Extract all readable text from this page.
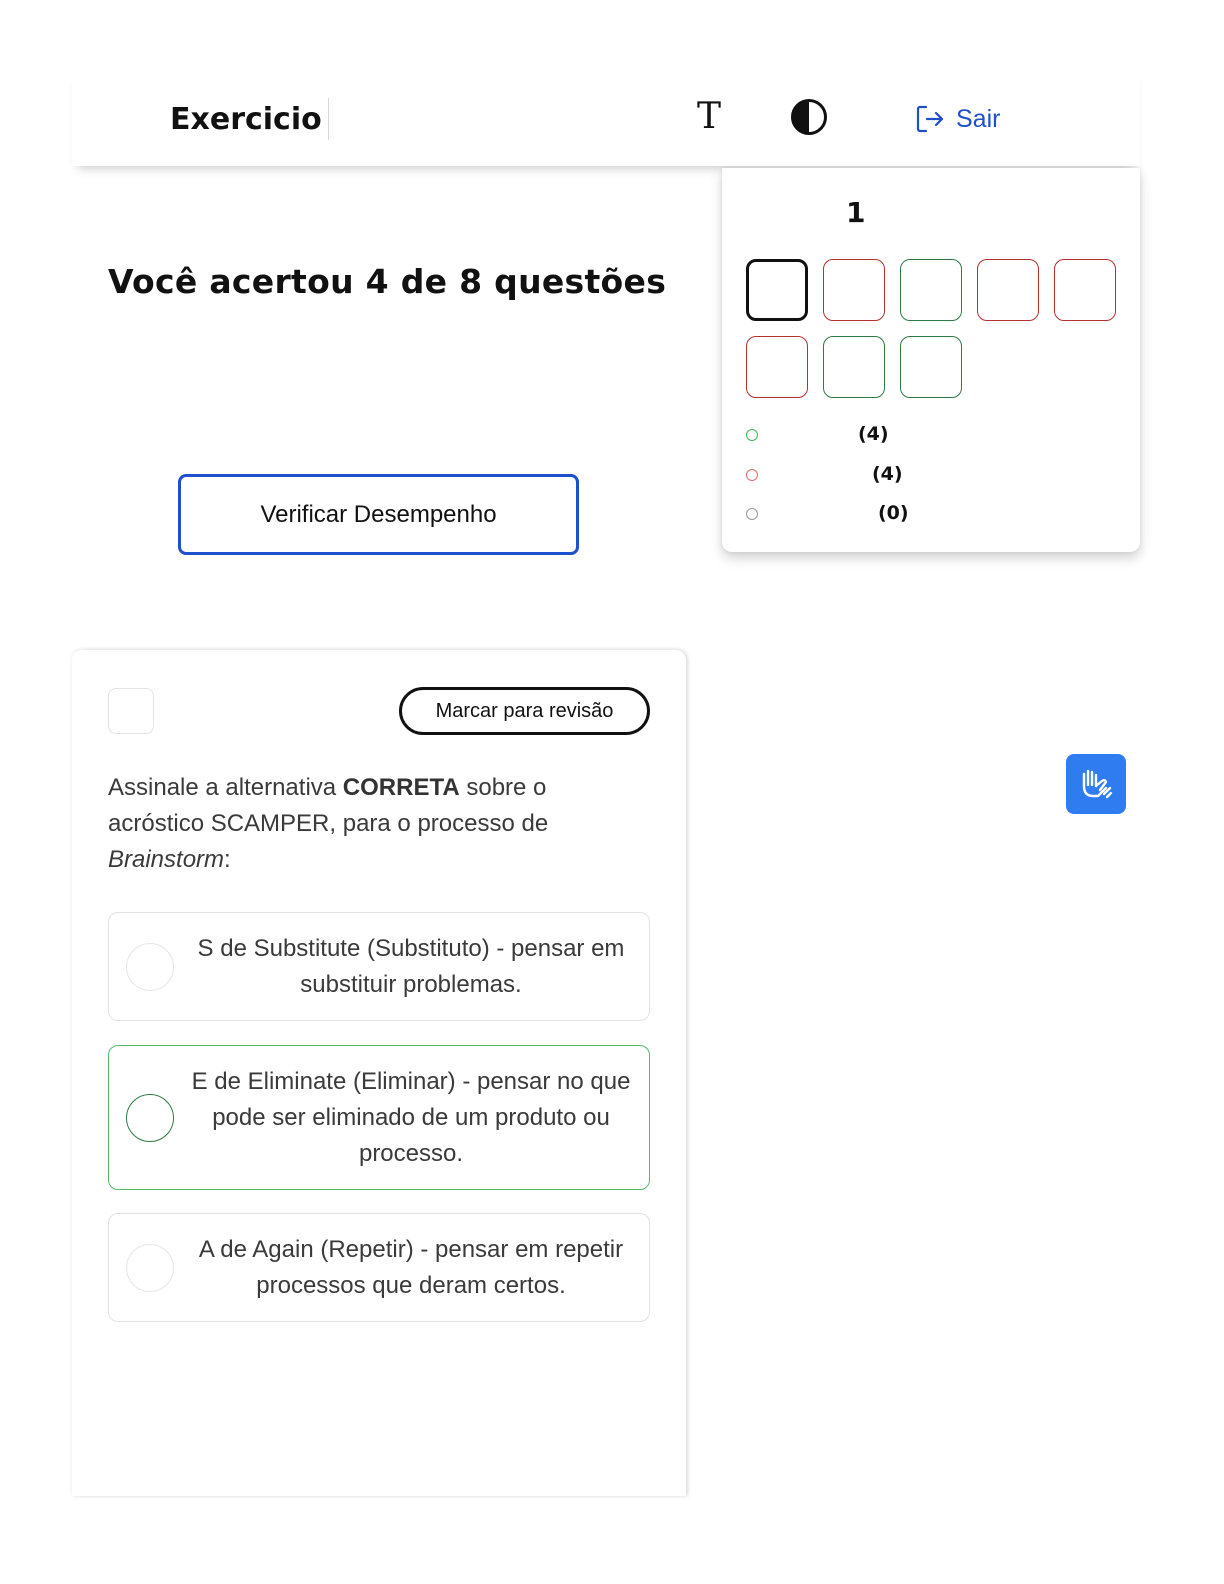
Exercicio	T	Sair
Você acertou 4 de 8 questões
Verificar Desempenho
1
(4)
(4)
(0)
Marcar para revisão
Assinale a alternativa CORRETA sobre o acróstico SCAMPER, para o processo de Brainstorm:
S de Substitute (Substituto) - pensar em substituir problemas.
E de Eliminate (Eliminar) - pensar no que pode ser eliminado de um produto ou processo.
A de Again (Repetir) - pensar em repetir processos que deram certos.
